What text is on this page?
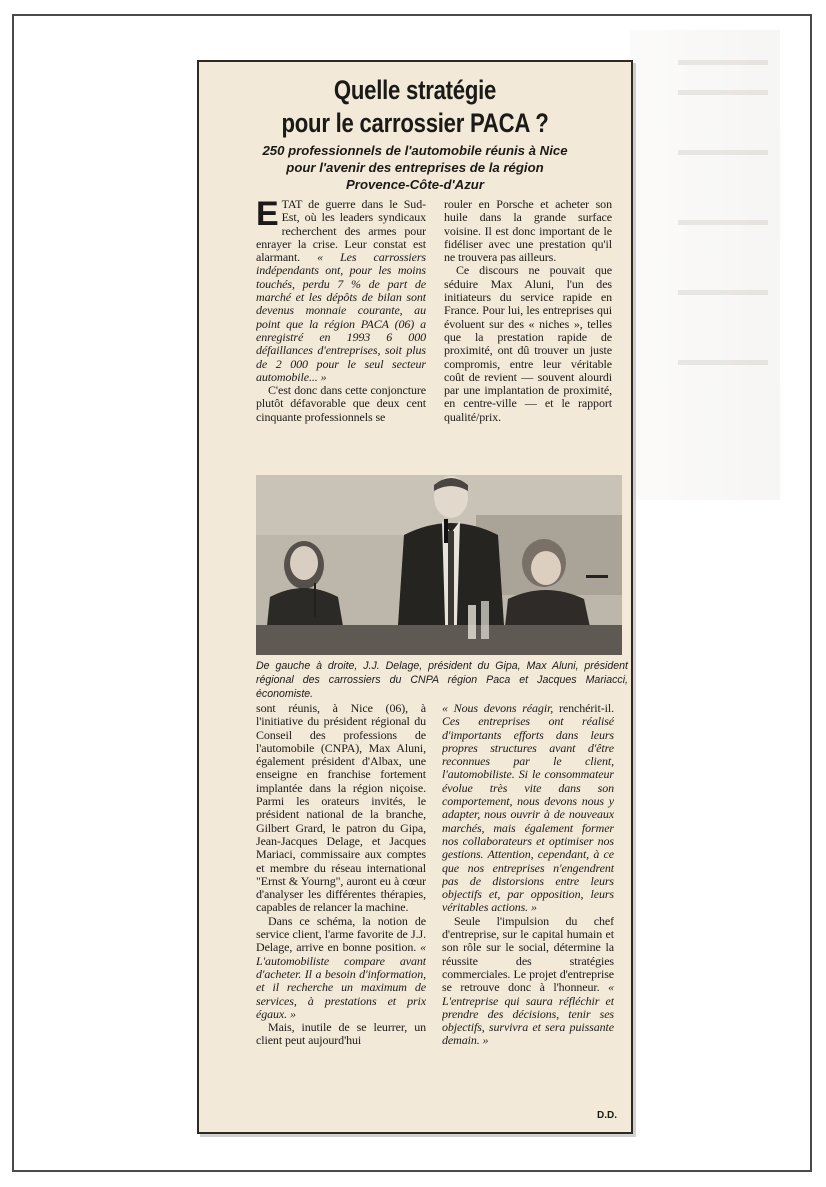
Quelle stratégie
pour le carrossier PACA ?
250 professionnels de l'automobile réunis à Nice
pour l'avenir des entreprises de la région
Provence-Côte-d'Azur

ETAT de guerre dans le Sud-Est, où les leaders syndicaux recherchent des armes pour enrayer la crise. Leur constat est alarmant. « Les carrossiers indépendants ont, pour les moins touchés, perdu 7 % de part de marché et les dépôts de bilan sont devenus monnaie courante, au point que la région PACA (06) a enregistré en 1993 6 000 défaillances d'entreprises, soit plus de 2 000 pour le seul secteur automobile... »

C'est donc dans cette conjoncture plutôt défavorable que deux cent cinquante professionnels se

rouler en Porsche et acheter son huile dans la grande surface voisine. Il est donc important de le fidéliser avec une prestation qu'il ne trouvera pas ailleurs.

Ce discours ne pouvait que séduire Max Aluni, l'un des initiateurs du service rapide en France. Pour lui, les entreprises qui évoluent sur des « niches », telles que la prestation rapide de proximité, ont dû trouver un juste compromis, entre leur véritable coût de revient — souvent alourdi par une implantation de proximité, en centre-ville — et le rapport qualité/prix.

De gauche à droite, J.J. Delage, président du Gipa, Max Aluni, président régional des carrossiers du CNPA région Paca et Jacques Mariacci, économiste.

sont réunis, à Nice (06), à l'initiative du président régional du Conseil des professions de l'automobile (CNPA), Max Aluni, également président d'Albax, une enseigne en franchise fortement implantée dans la région niçoise. Parmi les orateurs invités, le président national de la branche, Gilbert Grard, le patron du Gipa, Jean-Jacques Delage, et Jacques Mariaci, commissaire aux comptes et membre du réseau international "Ernst & Yourng", auront eu à cœur d'analyser les différentes thérapies, capables de relancer la machine.

Dans ce schéma, la notion de service client, l'arme favorite de J.J. Delage, arrive en bonne position. « L'automobiliste compare avant d'acheter. Il a besoin d'information, et il recherche un maximum de services, à prestations et prix égaux. »

Mais, inutile de se leurrer, un client peut aujourd'hui

« Nous devons réagir, renchérit-il. Ces entreprises ont réalisé d'importants efforts dans leurs propres structures avant d'être reconnues par le client, l'automobiliste. Si le consommateur évolue très vite dans son comportement, nous devons nous y adapter, nous ouvrir à de nouveaux marchés, mais également former nos collaborateurs et optimiser nos gestions. Attention, cependant, à ce que nos entreprises n'engendrent pas de distorsions entre leurs objectifs et, par opposition, leurs véritables actions. »

Seule l'impulsion du chef d'entreprise, sur le capital humain et son rôle sur le social, détermine la réussite des stratégies commerciales. Le projet d'entreprise se retrouve donc à l'honneur. « L'entreprise qui saura réfléchir et prendre des décisions, tenir ses objectifs, survivra et sera puissante demain. »

D.D.
